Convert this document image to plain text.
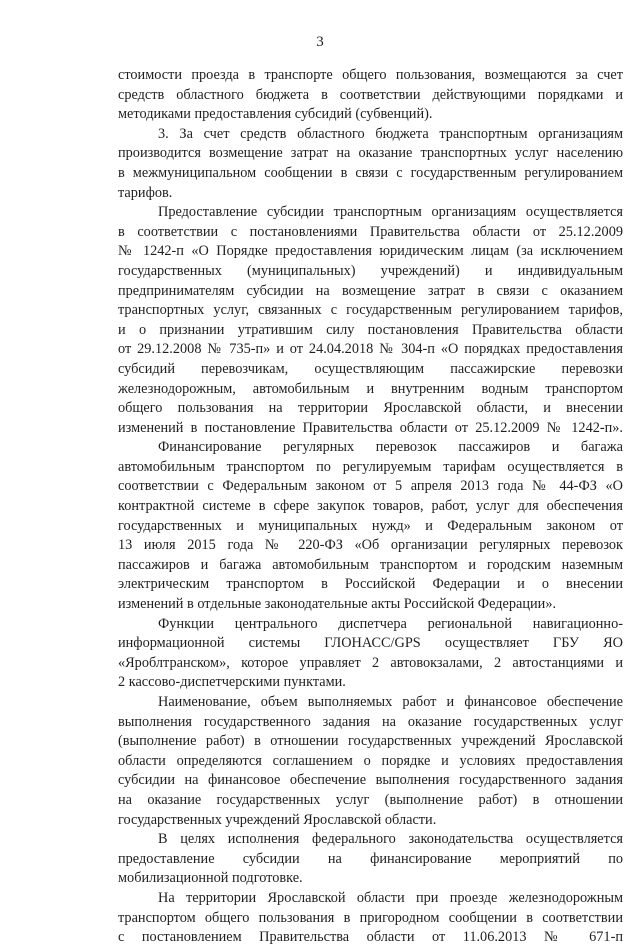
3
стоимости проезда в транспорте общего пользования, возмещаются за счет
средств областного бюджета в соответствии действующими порядками и
методиками предоставления субсидий (субвенций).
3. За счет средств областного бюджета транспортным организациям
производится возмещение затрат на оказание транспортных услуг населению
в межмуниципальном сообщении в связи с государственным регулированием
тарифов.
Предоставление субсидии транспортным организациям осуществляется
в соответствии с постановлениями Правительства области от 25.12.2009
№ 1242-п «О Порядке предоставления юридическим лицам (за исключением
государственных (муниципальных) учреждений) и индивидуальным
предпринимателям субсидии на возмещение затрат в связи с оказанием
транспортных услуг, связанных с государственным регулированием тарифов,
и о признании утратившим силу постановления Правительства области
от 29.12.2008 № 735-п» и от 24.04.2018 № 304-п «О порядках предоставления
субсидий перевозчикам, осуществляющим пассажирские перевозки
железнодорожным, автомобильным и внутренним водным транспортом
общего пользования на территории Ярославской области, и внесении
изменений в постановление Правительства области от 25.12.2009 № 1242-п».
Финансирование регулярных перевозок пассажиров и багажа
автомобильным транспортом по регулируемым тарифам осуществляется в
соответствии с Федеральным законом от 5 апреля 2013 года № 44-ФЗ «О
контрактной системе в сфере закупок товаров, работ, услуг для обеспечения
государственных и муниципальных нужд» и Федеральным законом от
13 июля 2015 года № 220-ФЗ «Об организации регулярных перевозок
пассажиров и багажа автомобильным транспортом и городским наземным
электрическим транспортом в Российской Федерации и о внесении
изменений в отдельные законодательные акты Российской Федерации».
Функции центрального диспетчера региональной навигационно-
информационной системы ГЛОНАСС/GPS осуществляет ГБУ ЯО
«Яроблтранском», которое управляет 2 автовокзалами, 2 автостанциями и
2 кассово-диспетчерскими пунктами.
Наименование, объем выполняемых работ и финансовое обеспечение
выполнения государственного задания на оказание государственных услуг
(выполнение работ) в отношении государственных учреждений Ярославской
области определяются соглашением о порядке и условиях предоставления
субсидии на финансовое обеспечение выполнения государственного задания
на оказание государственных услуг (выполнение работ) в отношении
государственных учреждений Ярославской области.
В целях исполнения федерального законодательства осуществляется
предоставление субсидии на финансирование мероприятий по
мобилизационной подготовке.
На территории Ярославской области при проезде железнодорожным
транспортом общего пользования в пригородном сообщении в соответствии
с постановлением Правительства области от 11.06.2013 № 671-п
